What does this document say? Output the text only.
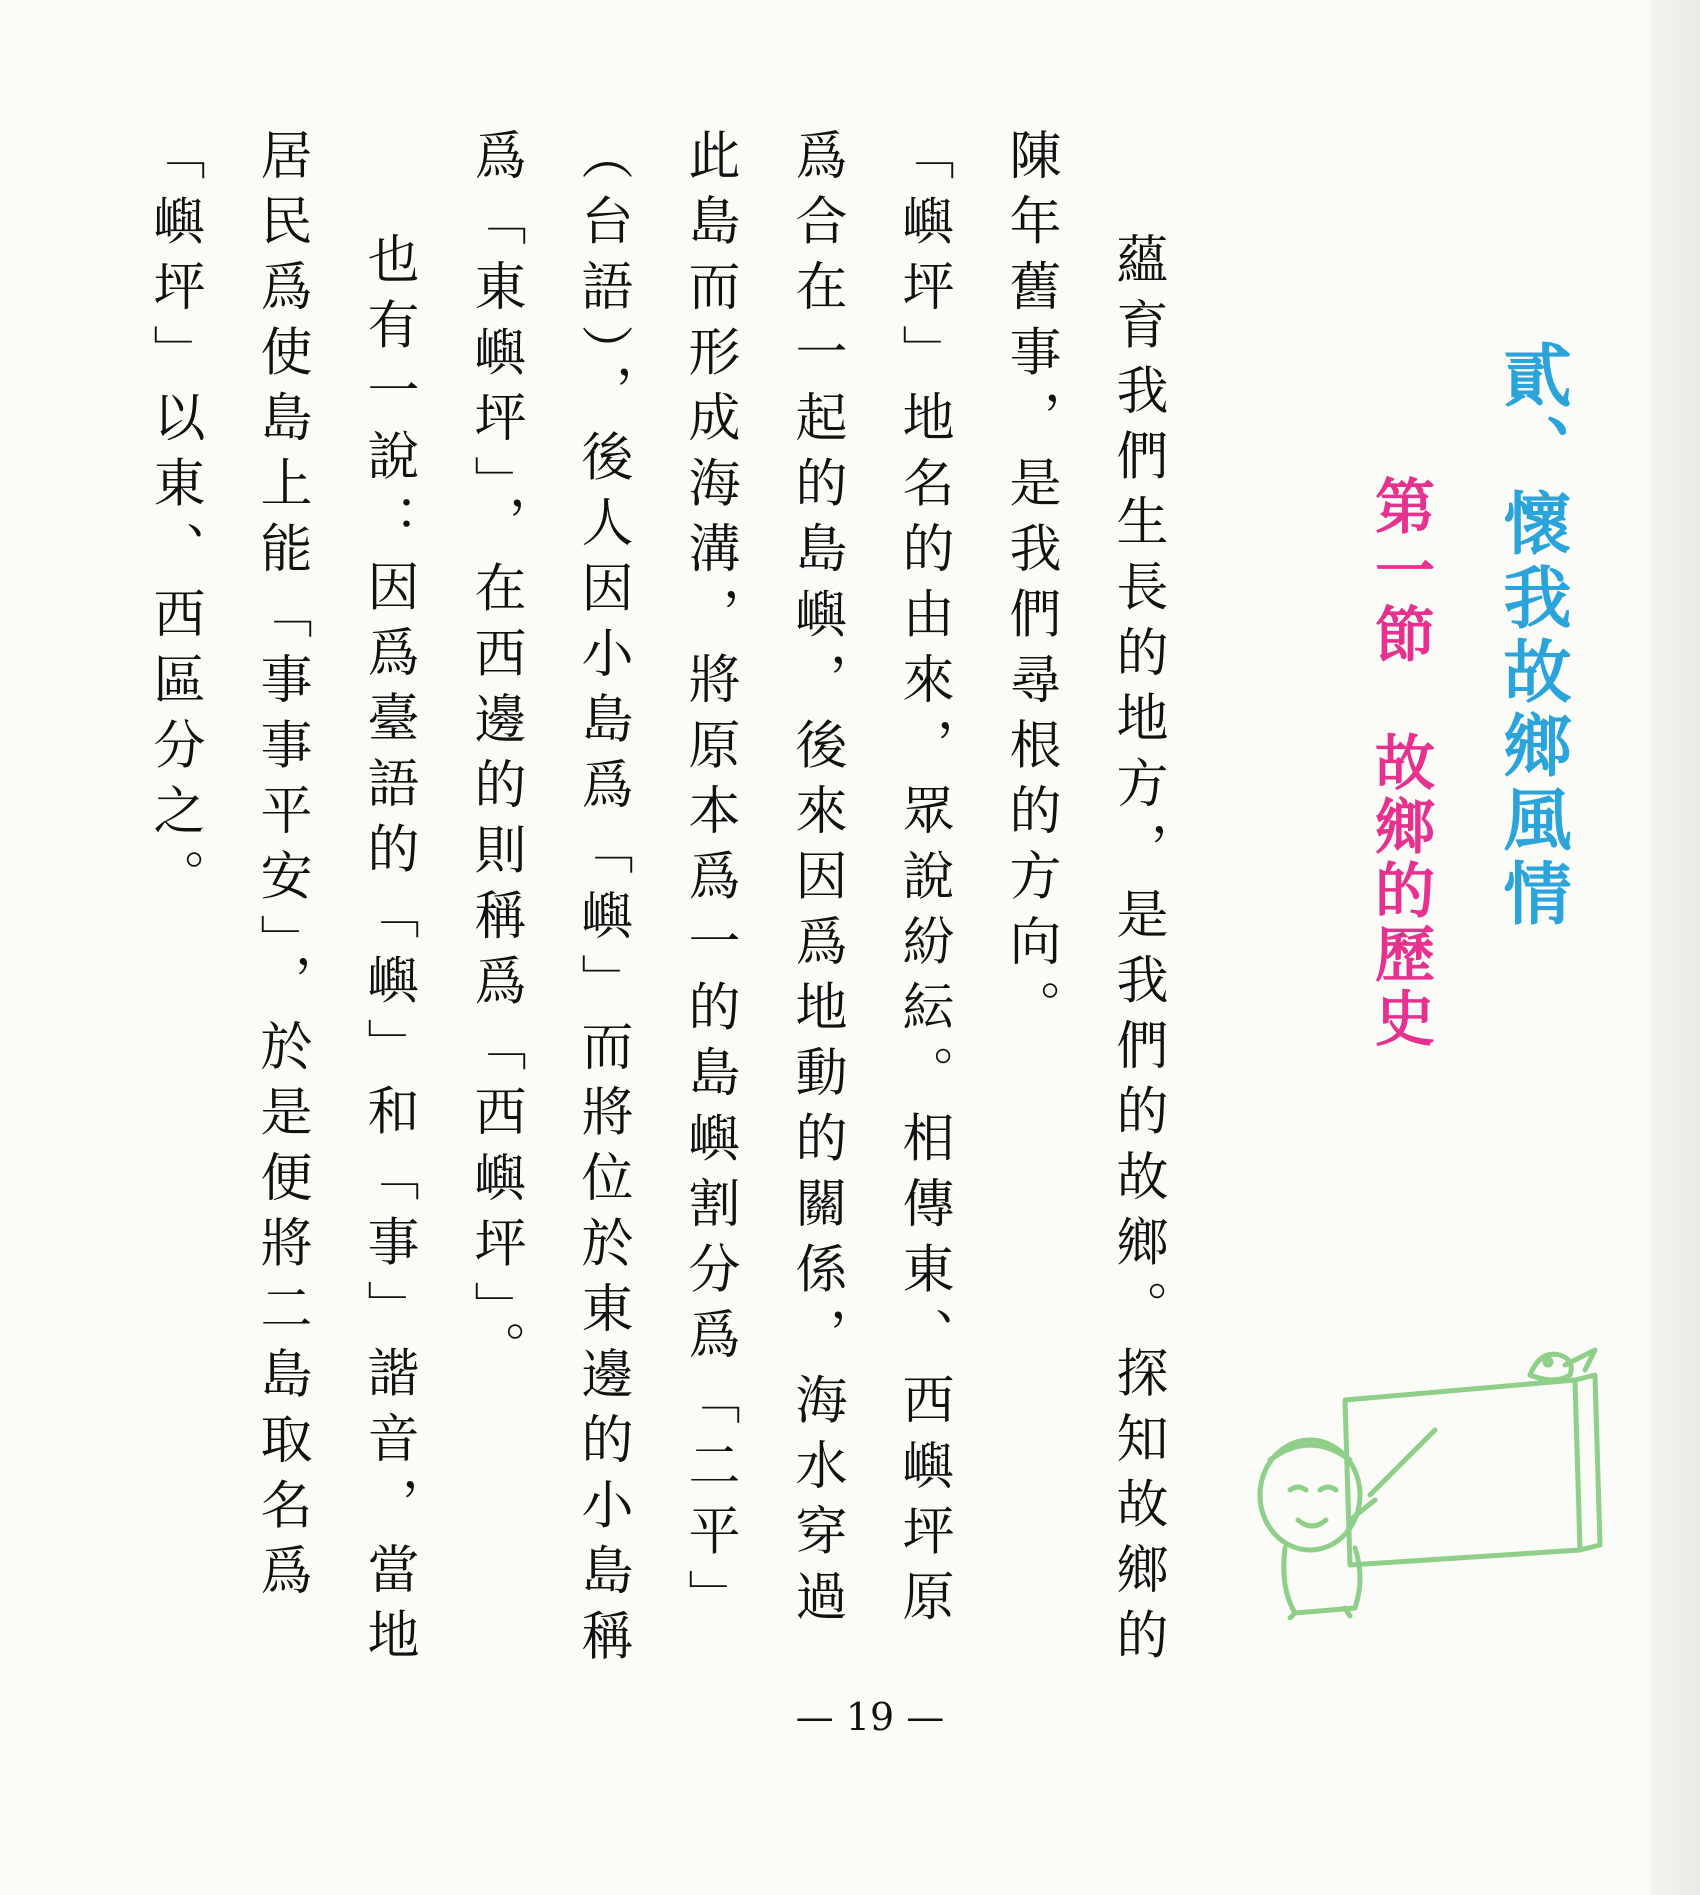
貳、懷我故鄉風情
第一節　故鄉的歷史

蘊育我們生長的地方，是我們的故鄉。探知故鄉的陳年舊事，是我們尋根的方向。

「嶼坪」地名的由來，眾說紛紜。相傳東、西嶼坪原爲合在一起的島嶼，後來因爲地動的關係，海水穿過此島而形成海溝，將原本爲一的島嶼割分爲「二平」（台語），後人因小島爲「嶼」而將位於東邊的小島稱爲「東嶼坪」，在西邊的則稱爲「西嶼坪」。

也有一說：因爲臺語的「嶼」和「事」諧音，當地居民爲使島上能「事事平安」，於是便將二島取名爲「嶼坪」以東、西區分之。

— 19 —
